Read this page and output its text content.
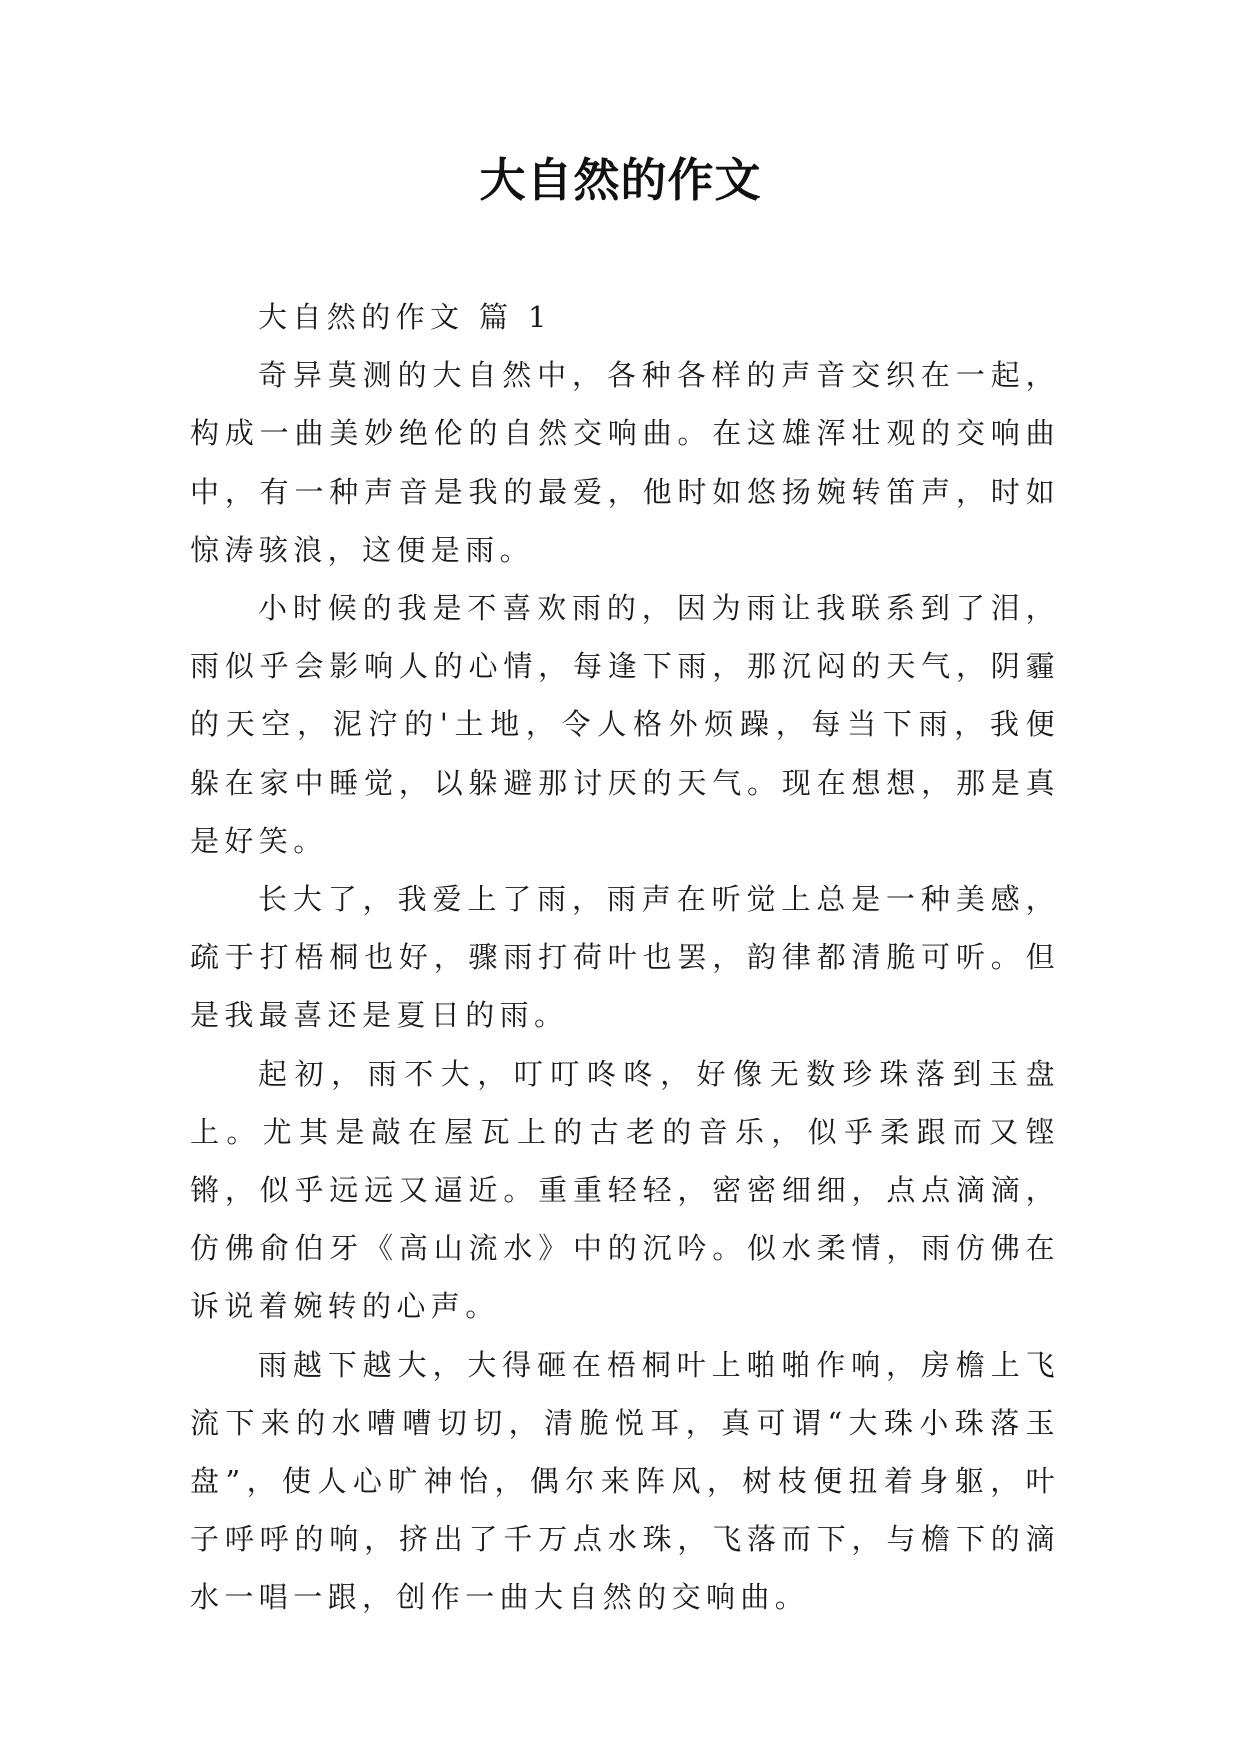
大自然的作文

大自然的作文 篇 1

奇异莫测的大自然中，各种各样的声音交织在一起，构成一曲美妙绝伦的自然交响曲。在这雄浑壮观的交响曲中，有一种声音是我的最爱，他时如悠扬婉转笛声，时如惊涛骇浪，这便是雨。

小时候的我是不喜欢雨的，因为雨让我联系到了泪，雨似乎会影响人的心情，每逢下雨，那沉闷的天气，阴霾的天空，泥泞的'土地，令人格外烦躁，每当下雨，我便躲在家中睡觉，以躲避那讨厌的天气。现在想想，那是真是好笑。

长大了，我爱上了雨，雨声在听觉上总是一种美感，疏于打梧桐也好，骤雨打荷叶也罢，韵律都清脆可听。但是我最喜还是夏日的雨。

起初，雨不大，叮叮咚咚，好像无数珍珠落到玉盘上。尤其是敲在屋瓦上的古老的音乐，似乎柔跟而又铿锵，似乎远远又逼近。重重轻轻，密密细细，点点滴滴，仿佛俞伯牙《高山流水》中的沉吟。似水柔情，雨仿佛在诉说着婉转的心声。

雨越下越大，大得砸在梧桐叶上啪啪作响，房檐上飞流下来的水嘈嘈切切，清脆悦耳，真可谓“大珠小珠落玉盘”，使人心旷神怡，偶尔来阵风，树枝便扭着身躯，叶子呼呼的响，挤出了千万点水珠，飞落而下，与檐下的滴水一唱一跟，创作一曲大自然的交响曲。
